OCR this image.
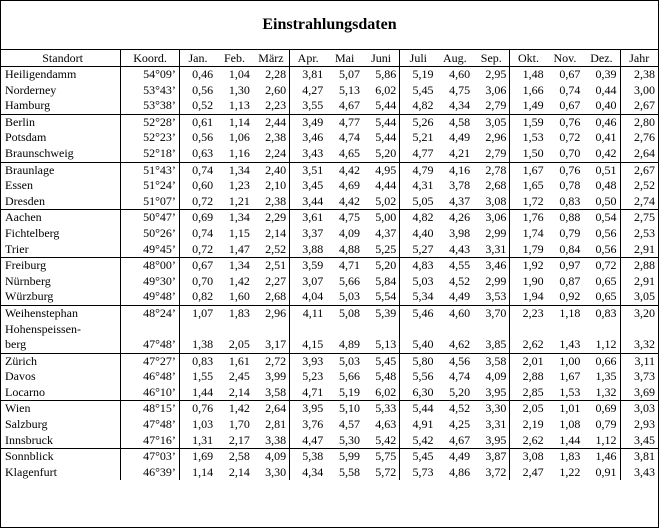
Einstrahlungsdaten
Standort	Koord.	Jan.	Feb.	März	Apr.	Mai	Juni	Juli	Aug.	Sep.	Okt.	Nov.	Dez.	Jahr
Heiligendamm	54°09’	0,46	1,04	2,28	3,81	5,07	5,86	5,19	4,60	2,95	1,48	0,67	0,39	2,38
Norderney	53°43’	0,56	1,30	2,60	4,27	5,13	6,02	5,45	4,75	3,06	1,66	0,74	0,44	3,00
Hamburg	53°38’	0,52	1,13	2,23	3,55	4,67	5,44	4,82	4,34	2,79	1,49	0,67	0,40	2,67
Berlin	52°28’	0,61	1,14	2,44	3,49	4,77	5,44	5,26	4,58	3,05	1,59	0,76	0,46	2,80
Potsdam	52°23’	0,56	1,06	2,38	3,46	4,74	5,44	5,21	4,49	2,96	1,53	0,72	0,41	2,76
Braunschweig	52°18’	0,63	1,16	2,24	3,43	4,65	5,20	4,77	4,21	2,79	1,50	0,70	0,42	2,64
Braunlage	51°43’	0,74	1,34	2,40	3,51	4,42	4,95	4,79	4,16	2,78	1,67	0,76	0,51	2,67
Essen	51°24’	0,60	1,23	2,10	3,45	4,69	4,44	4,31	3,78	2,68	1,65	0,78	0,48	2,52
Dresden	51°07’	0,72	1,21	2,38	3,44	4,42	5,02	5,05	4,37	3,08	1,72	0,83	0,50	2,74
Aachen	50°47’	0,69	1,34	2,29	3,61	4,75	5,00	4,82	4,26	3,06	1,76	0,88	0,54	2,75
Fichtelberg	50°26’	0,74	1,15	2,14	3,37	4,09	4,37	4,40	3,98	2,99	1,74	0,79	0,56	2,53
Trier	49°45’	0,72	1,47	2,52	3,88	4,88	5,25	5,27	4,43	3,31	1,79	0,84	0,56	2,91
Freiburg	48°00’	0,67	1,34	2,51	3,59	4,71	5,20	4,83	4,55	3,46	1,92	0,97	0,72	2,88
Nürnberg	49°30’	0,70	1,42	2,27	3,07	5,66	5,84	5,03	4,52	2,99	1,90	0,87	0,65	2,91
Würzburg	49°48’	0,82	1,60	2,68	4,04	5,03	5,54	5,34	4,49	3,53	1,94	0,92	0,65	3,05
Weihenstephan	48°24’	1,07	1,83	2,96	4,11	5,08	5,39	5,46	4,60	3,70	2,23	1,18	0,83	3,20

Hohenspeissen-
berg	47°48’	1,38	2,05	3,17	4,15	4,89	5,13	5,40	4,62	3,85	2,62	1,43	1,12	3,32
Zürich	47°27’	0,83	1,61	2,72	3,93	5,03	5,45	5,80	4,56	3,58	2,01	1,00	0,66	3,11
Davos	46°48’	1,55	2,45	3,99	5,23	5,66	5,48	5,56	4,74	4,09	2,88	1,67	1,35	3,73
Locarno	46°10’	1,44	2,14	3,58	4,71	5,19	6,02	6,30	5,20	3,95	2,85	1,53	1,32	3,69
Wien	48°15’	0,76	1,42	2,64	3,95	5,10	5,33	5,44	4,52	3,30	2,05	1,01	0,69	3,03
Salzburg	47°48’	1,03	1,70	2,81	3,76	4,57	4,63	4,91	4,25	3,31	2,19	1,08	0,79	2,93
Innsbruck	47°16’	1,31	2,17	3,38	4,47	5,30	5,42	5,42	4,67	3,95	2,62	1,44	1,12	3,45
Sonnblick	47°03’	1,69	2,58	4,09	5,38	5,99	5,75	5,45	4,49	3,87	3,08	1,83	1,46	3,81
Klagenfurt	46°39’	1,14	2,14	3,30	4,34	5,58	5,72	5,73	4,86	3,72	2,47	1,22	0,91	3,43
